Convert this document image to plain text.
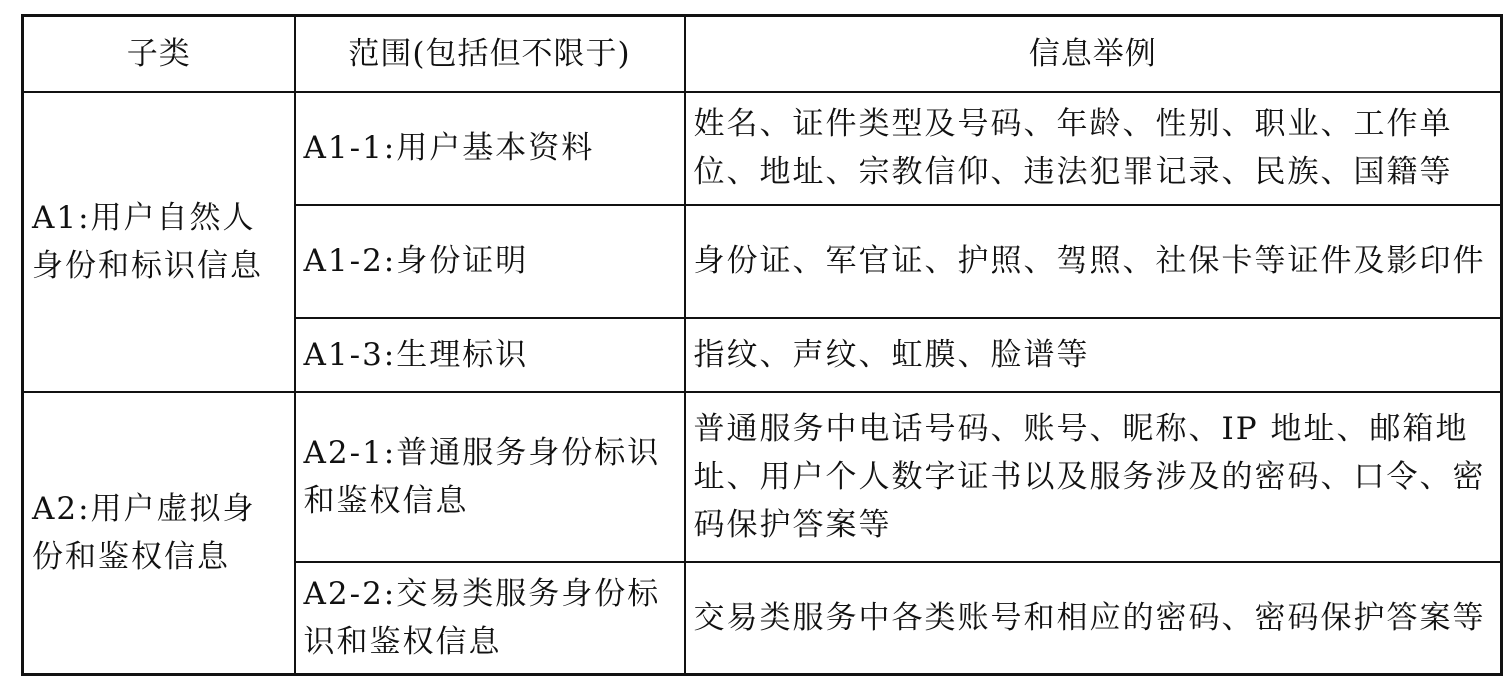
子类	范围(包括但不限于)	信息举例
A1:用户自然人身份和标识信息	A1-1:用户基本资料	姓名、证件类型及号码、年龄、性别、职业、工作单位、地址、宗教信仰、违法犯罪记录、民族、国籍等
	A1-2:身份证明	身份证、军官证、护照、驾照、社保卡等证件及影印件
	A1-3:生理标识	指纹、声纹、虹膜、脸谱等
A2:用户虚拟身份和鉴权信息	A2-1:普通服务身份标识和鉴权信息	普通服务中电话号码、账号、昵称、IP 地址、邮箱地址、用户个人数字证书以及服务涉及的密码、口令、密码保护答案等
	A2-2:交易类服务身份标识和鉴权信息	交易类服务中各类账号和相应的密码、密码保护答案等
